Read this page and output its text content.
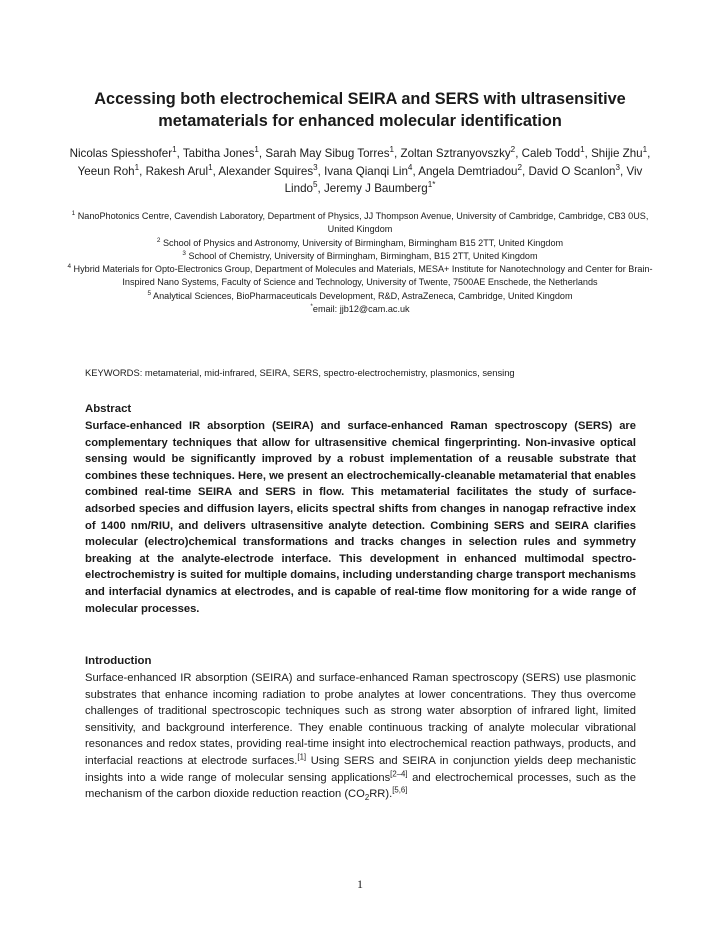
Accessing both electrochemical SEIRA and SERS with ultrasensitive metamaterials for enhanced molecular identification
Nicolas Spiesshofer$^1$, Tabitha Jones$^1$, Sarah May Sibug Torres$^1$, Zoltan Sztranyovszky$^2$, Caleb Todd$^1$, Shijie Zhu$^1$, Yeeun Roh$^1$, Rakesh Arul$^1$, Alexander Squires$^3$, Ivana Qianqi Lin$^4$, Angela Demtriadou$^2$, David O Scanlon$^3$, Viv Lindo$^5$, Jeremy J Baumberg$^{1*}$
$^1$ NanoPhotonics Centre, Cavendish Laboratory, Department of Physics, JJ Thompson Avenue, University of Cambridge, Cambridge, CB3 0US, United Kingdom
$^2$ School of Physics and Astronomy, University of Birmingham, Birmingham B15 2TT, United Kingdom
$^3$ School of Chemistry, University of Birmingham, Birmingham, B15 2TT, United Kingdom
$^4$ Hybrid Materials for Opto-Electronics Group, Department of Molecules and Materials, MESA+ Institute for Nanotechnology and Center for Brain-Inspired Nano Systems, Faculty of Science and Technology, University of Twente, 7500AE Enschede, the Netherlands
$^5$ Analytical Sciences, BioPharmaceuticals Development, R&D, AstraZeneca, Cambridge, United Kingdom
*email: jjb12@cam.ac.uk
KEYWORDS: metamaterial, mid-infrared, SEIRA, SERS, spectro-electrochemistry, plasmonics, sensing
Abstract
Surface-enhanced IR absorption (SEIRA) and surface-enhanced Raman spectroscopy (SERS) are complementary techniques that allow for ultrasensitive chemical fingerprinting. Non-invasive optical sensing would be significantly improved by a robust implementation of a reusable substrate that combines these techniques. Here, we present an electrochemically-cleanable metamaterial that enables combined real-time SEIRA and SERS in flow. This metamaterial facilitates the study of surface-adsorbed species and diffusion layers, elicits spectral shifts from changes in nanogap refractive index of 1400 nm/RIU, and delivers ultrasensitive analyte detection. Combining SERS and SEIRA clarifies molecular (electro)chemical transformations and tracks changes in selection rules and symmetry breaking at the analyte-electrode interface. This development in enhanced multimodal spectro-electrochemistry is suited for multiple domains, including understanding charge transport mechanisms and interfacial dynamics at electrodes, and is capable of real-time flow monitoring for a wide range of molecular processes.
Introduction
Surface-enhanced IR absorption (SEIRA) and surface-enhanced Raman spectroscopy (SERS) use plasmonic substrates that enhance incoming radiation to probe analytes at lower concentrations. They thus overcome challenges of traditional spectroscopic techniques such as strong water absorption of infrared light, limited sensitivity, and background interference. They enable continuous tracking of analyte molecular vibrational resonances and redox states, providing real-time insight into electrochemical reaction pathways, products, and interfacial reactions at electrode surfaces.[1] Using SERS and SEIRA in conjunction yields deep mechanistic insights into a wide range of molecular sensing applications[2–4] and electrochemical processes, such as the mechanism of the carbon dioxide reduction reaction $(CO_2RR).[5,6]$
1
